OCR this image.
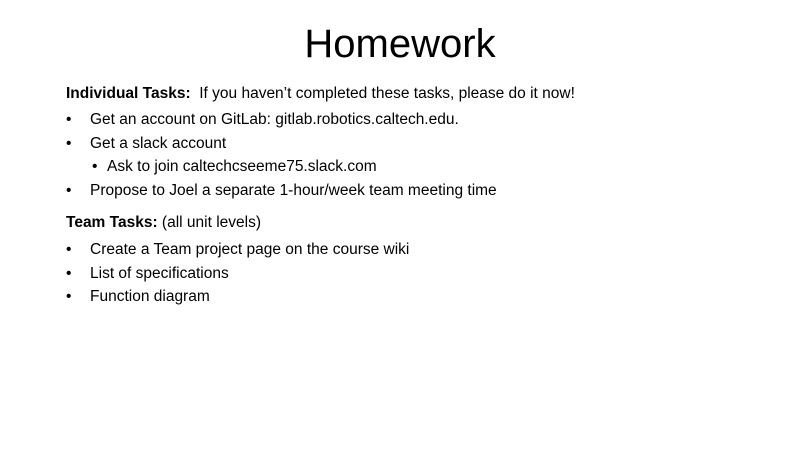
Homework

Individual Tasks: If you haven’t completed these tasks, please do it now!

• Get an account on GitLab: gitlab.robotics.caltech.edu.
• Get a slack account
• Ask to join caltechcseeme75.slack.com
• Propose to Joel a separate 1-hour/week team meeting time

Team Tasks: (all unit levels)

• Create a Team project page on the course wiki
• List of specifications
• Function diagram
